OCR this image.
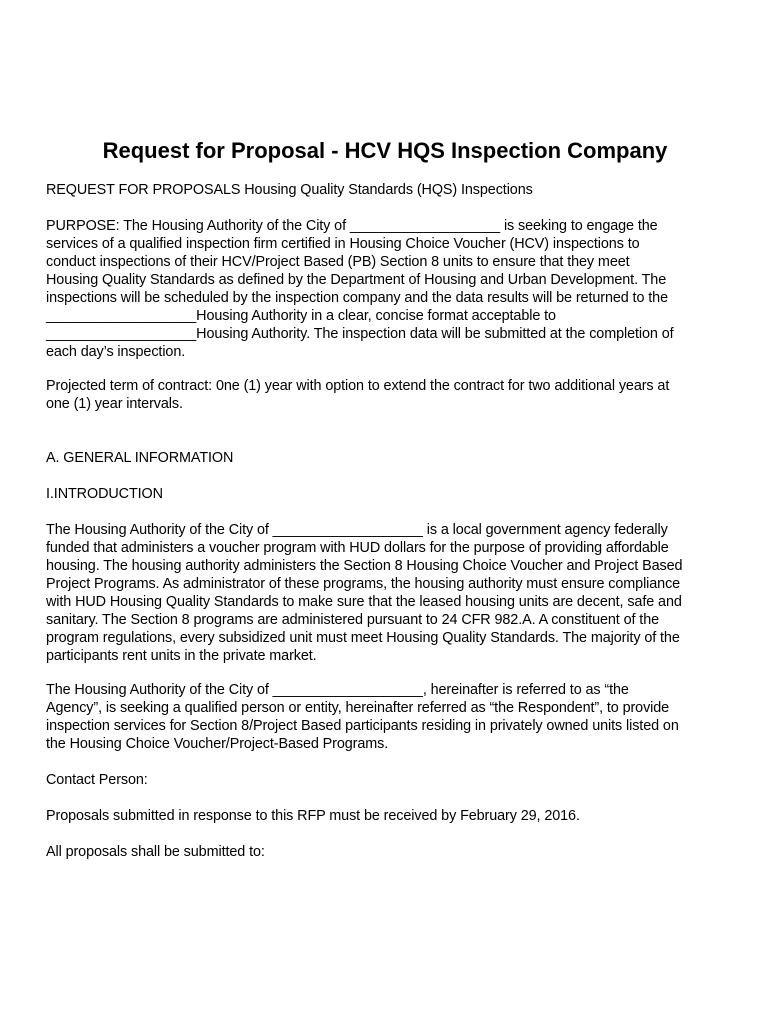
Request for Proposal - HCV HQS Inspection Company
REQUEST FOR PROPOSALS Housing Quality Standards (HQS) Inspections
PURPOSE: The Housing Authority of the City of ___________________ is seeking to engage the
services of a qualified inspection firm certified in Housing Choice Voucher (HCV) inspections to
conduct inspections of their HCV/Project Based (PB) Section 8 units to ensure that they meet
Housing Quality Standards as defined by the Department of Housing and Urban Development. The
inspections will be scheduled by the inspection company and the data results will be returned to the
___________________Housing Authority in a clear, concise format acceptable to
___________________Housing Authority. The inspection data will be submitted at the completion of
each day’s inspection.
Projected term of contract: 0ne (1) year with option to extend the contract for two additional years at
one (1) year intervals.
A. GENERAL INFORMATION
I.INTRODUCTION
The Housing Authority of the City of ___________________ is a local government agency federally
funded that administers a voucher program with HUD dollars for the purpose of providing affordable
housing. The housing authority administers the Section 8 Housing Choice Voucher and Project Based
Project Programs. As administrator of these programs, the housing authority must ensure compliance
with HUD Housing Quality Standards to make sure that the leased housing units are decent, safe and
sanitary. The Section 8 programs are administered pursuant to 24 CFR 982.A. A constituent of the
program regulations, every subsidized unit must meet Housing Quality Standards. The majority of the
participants rent units in the private market.
The Housing Authority of the City of ___________________, hereinafter is referred to as “the
Agency”, is seeking a qualified person or entity, hereinafter referred as “the Respondent”, to provide
inspection services for Section 8/Project Based participants residing in privately owned units listed on
the Housing Choice Voucher/Project-Based Programs.
Contact Person:
Proposals submitted in response to this RFP must be received by February 29, 2016.
All proposals shall be submitted to:
